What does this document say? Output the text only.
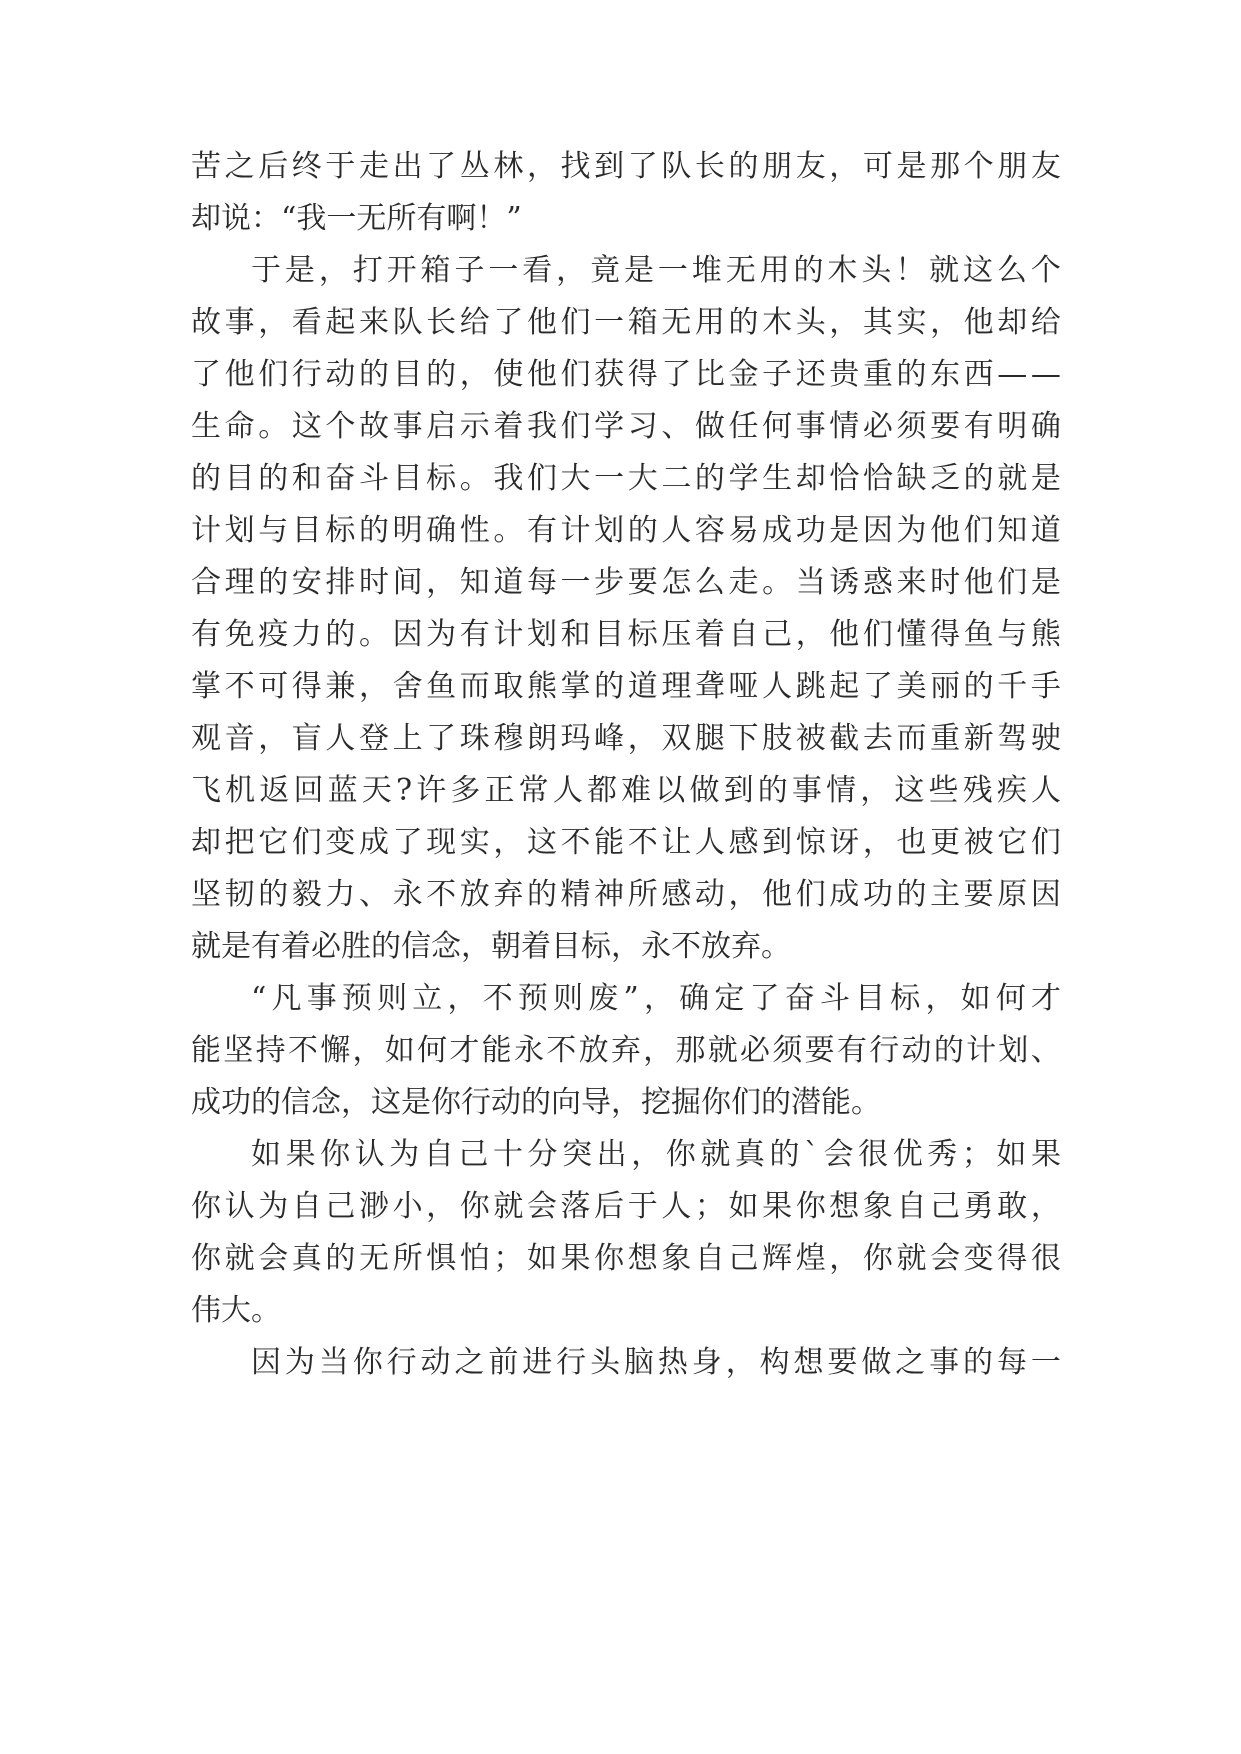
苦 之 后 终 于 走 出 了 丛 林 ， 找 到 了 队 长 的 朋 友 ， 可 是 那 个 朋 友
却说：“我一无所有啊！”
于 是 ， 打 开 箱 子 一 看 ， 竟 是 一 堆 无 用 的 木 头 ！ 就 这 么 个
故 事 ， 看 起 来 队 长 给 了 他 们 一 箱 无 用 的 木 头 ， 其 实 ， 他 却 给
了 他 们 行 动 的 目 的 ， 使 他 们 获 得 了 比 金 子 还 贵 重 的 东 西 — —
生 命 。 这 个 故 事 启 示 着 我 们 学 习 、 做 任 何 事 情 必 须 要 有 明 确
的 目 的 和 奋 斗 目 标 。 我 们 大 一 大 二 的 学 生 却 恰 恰 缺 乏 的 就 是
计 划 与 目 标 的 明 确 性 。 有 计 划 的 人 容 易 成 功 是 因 为 他 们 知 道
合 理 的 安 排 时 间 ， 知 道 每 一 步 要 怎 么 走 。 当 诱 惑 来 时 他 们 是
有 免 疫 力 的 。 因 为 有 计 划 和 目 标 压 着 自 己 ， 他 们 懂 得 鱼 与 熊
掌 不 可 得 兼 ， 舍 鱼 而 取 熊 掌 的 道 理 聋 哑 人 跳 起 了 美 丽 的 千 手
观 音 ， 盲 人 登 上 了 珠 穆 朗 玛 峰 ， 双 腿 下 肢 被 截 去 而 重 新 驾 驶
飞 机 返 回 蓝 天 ? 许 多 正 常 人 都 难 以 做 到 的 事 情 ， 这 些 残 疾 人
却 把 它 们 变 成 了 现 实 ， 这 不 能 不 让 人 感 到 惊 讶 ， 也 更 被 它 们
坚 韧 的 毅 力 、 永 不 放 弃 的 精 神 所 感 动 ， 他 们 成 功 的 主 要 原 因
就是有着必胜的信念，朝着目标，永不放弃。
“ 凡 事 预 则 立 ， 不 预 则 废 ” ， 确 定 了 奋 斗 目 标 ， 如 何 才
能 坚 持 不 懈 ， 如 何 才 能 永 不 放 弃 ， 那 就 必 须 要 有 行 动 的 计 划 、
成功的信念，这是你行动的向导，挖掘你们的潜能。
如 果 你 认 为 自 己 十 分 突 出 ， 你 就 真 的 ` 会 很 优 秀 ； 如 果
你 认 为 自 己 渺 小 ， 你 就 会 落 后 于 人 ； 如 果 你 想 象 自 己 勇 敢 ，
你 就 会 真 的 无 所 惧 怕 ； 如 果 你 想 象 自 己 辉 煌 ， 你 就 会 变 得 很
伟大。
因 为 当 你 行 动 之 前 进 行 头 脑 热 身 ， 构 想 要 做 之 事 的 每 一
